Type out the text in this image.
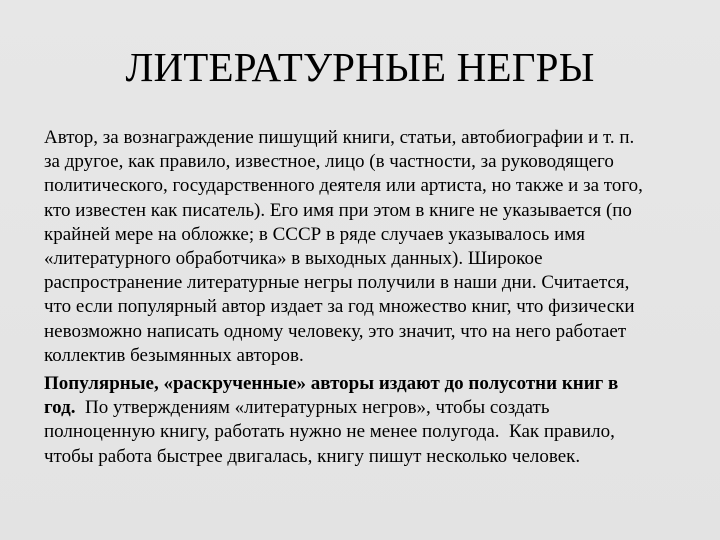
ЛИТЕРАТУРНЫЕ НЕГРЫ
Автор, за вознаграждение пишущий книги, статьи, автобиографии и т. п.
за другое, как правило, известное, лицо (в частности, за руководящего
политического, государственного деятеля или артиста, но также и за того,
кто известен как писатель). Его имя при этом в книге не указывается (по
крайней мере на обложке; в СССР в ряде случаев указывалось имя
«литературного обработчика» в выходных данных). Широкое
распространение литературные негры получили в наши дни. Считается,
что если популярный автор издает за год множество книг, что физически
невозможно написать одному человеку, это значит, что на него работает
коллектив безымянных авторов.
Популярные, «раскрученные» авторы издают до полусотни книг в
год.  По утверждениям «литературных негров», чтобы создать
полноценную книгу, работать нужно не менее полугода.  Как правило,
чтобы работа быстрее двигалась, книгу пишут несколько человек.
